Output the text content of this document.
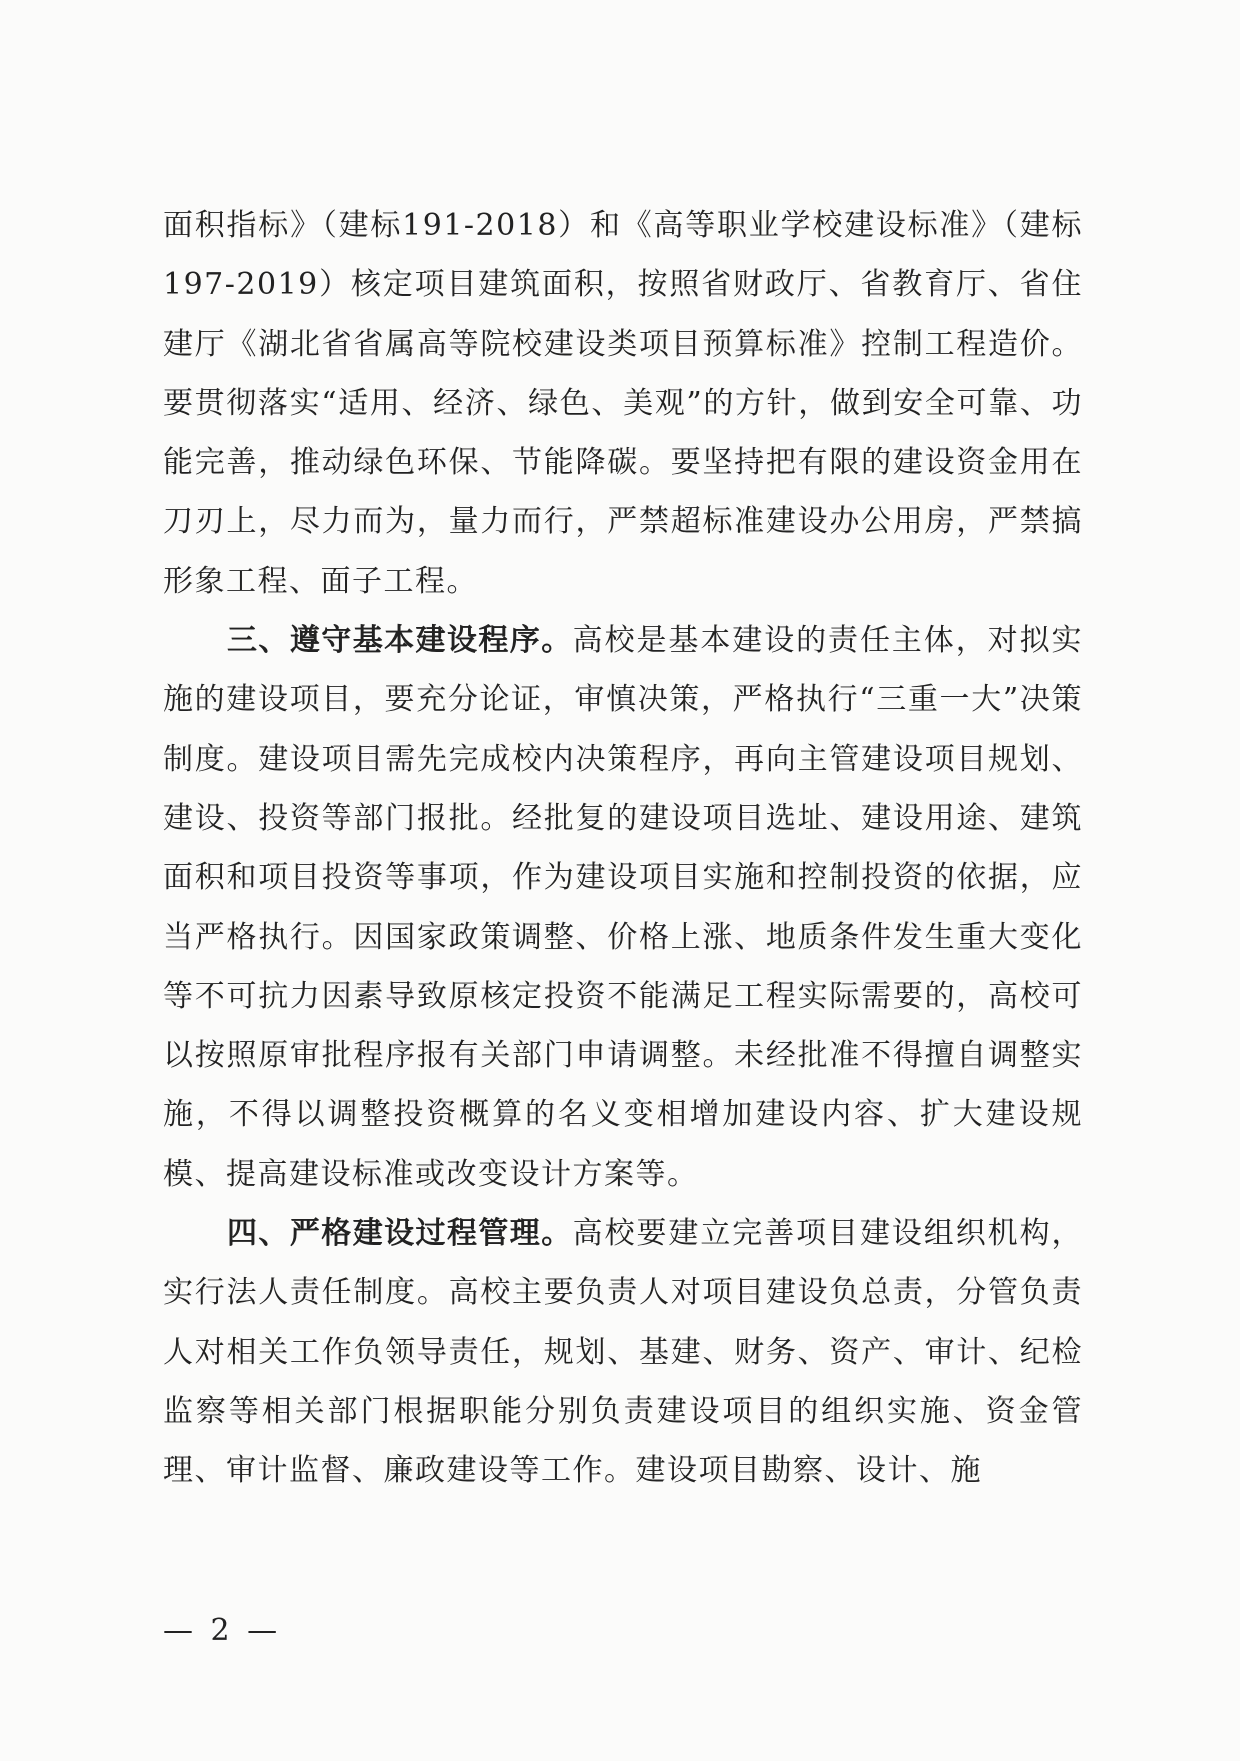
面积指标》（建标191-2018）和《高等职业学校建设标准》（建标197-2019）核定项目建筑面积，按照省财政厅、省教育厅、省住建厅《湖北省省属高等院校建设类项目预算标准》控制工程造价。要贯彻落实“适用、经济、绿色、美观”的方针，做到安全可靠、功能完善，推动绿色环保、节能降碳。要坚持把有限的建设资金用在刀刃上，尽力而为，量力而行，严禁超标准建设办公用房，严禁搞形象工程、面子工程。

三、遵守基本建设程序。高校是基本建设的责任主体，对拟实施的建设项目，要充分论证，审慎决策，严格执行“三重一大”决策制度。建设项目需先完成校内决策程序，再向主管建设项目规划、建设、投资等部门报批。经批复的建设项目选址、建设用途、建筑面积和项目投资等事项，作为建设项目实施和控制投资的依据，应当严格执行。因国家政策调整、价格上涨、地质条件发生重大变化等不可抗力因素导致原核定投资不能满足工程实际需要的，高校可以按照原审批程序报有关部门申请调整。未经批准不得擅自调整实施，不得以调整投资概算的名义变相增加建设内容、扩大建设规模、提高建设标准或改变设计方案等。

四、严格建设过程管理。高校要建立完善项目建设组织机构，实行法人责任制度。高校主要负责人对项目建设负总责，分管负责人对相关工作负领导责任，规划、基建、财务、资产、审计、纪检监察等相关部门根据职能分别负责建设项目的组织实施、资金管理、审计监督、廉政建设等工作。建设项目勘察、设计、施

— 2 —
